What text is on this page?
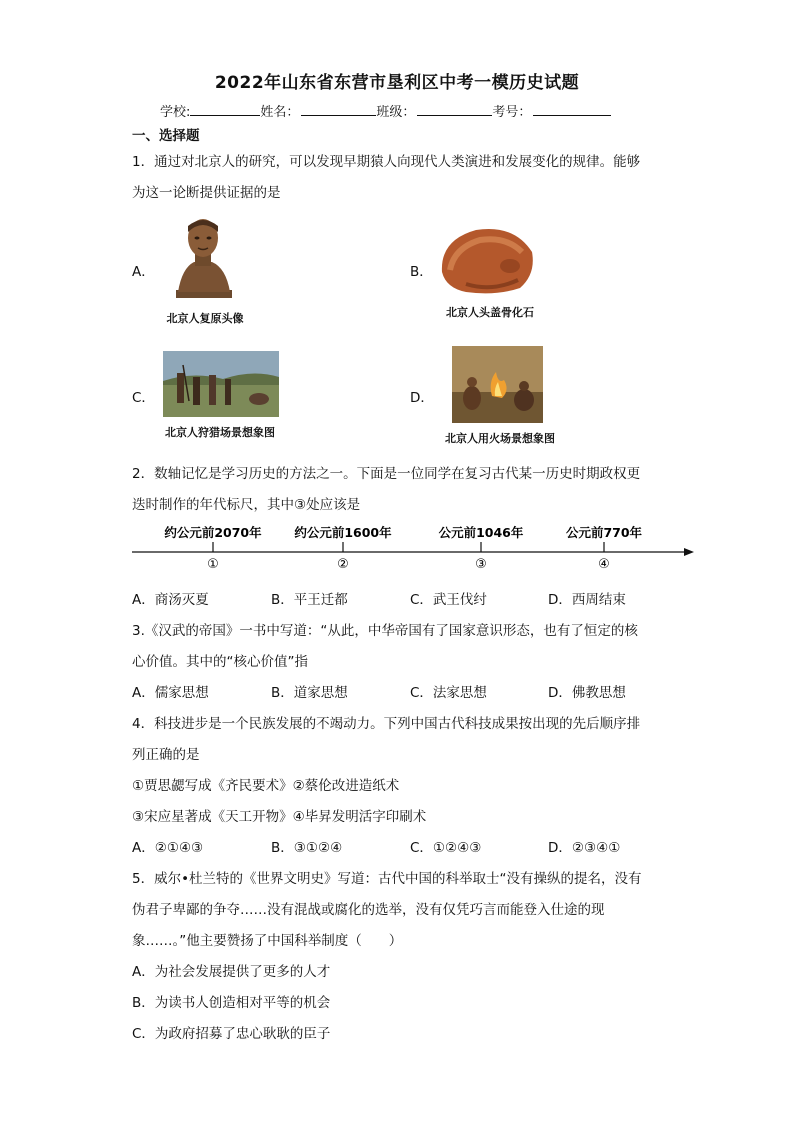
2022年山东省东营市垦利区中考一模历史试题
学校:	姓名：	班级：	考号：
一、选择题
1．通过对北京人的研究，可以发现早期猿人向现代人类演进和发展变化的规律。能够
为这一论断提供证据的是
A．
北京人复原头像
B．
北京人头盖骨化石
C．
北京人狩猎场景想象图
D．
北京人用火场景想象图
2．数轴记忆是学习历史的方法之一。下面是一位同学在复习古代某一历史时期政权更
迭时制作的年代标尺，其中③处应该是
约公元前2070年
①
约公元前1600年
②
公元前1046年
③
公元前770年
④
A．商汤灭夏	B．平王迁都	C．武王伐纣	D．西周结束
3.《汉武的帝国》一书中写道：“从此，中华帝国有了国家意识形态，也有了恒定的核
心价值。其中的“核心价值”指
A．儒家思想	B．道家思想	C．法家思想	D．佛教思想
4．科技进步是一个民族发展的不竭动力。下列中国古代科技成果按出现的先后顺序排
列正确的是
①贾思勰写成《齐民要术》②蔡伦改进造纸术
③宋应星著成《天工开物》④毕昇发明活字印刷术
A．②①④③	B．③①②④	C．①②④③	D．②③④①
5．威尔•杜兰特的《世界文明史》写道：古代中国的科举取士“没有操纵的提名，没有
伪君子卑鄙的争夺……没有混战或腐化的选举，没有仅凭巧言而能登入仕途的现
象……。”他主要赞扬了中国科举制度（　　）
A．为社会发展提供了更多的人才
B．为读书人创造相对平等的机会
C．为政府招募了忠心耿耿的臣子
